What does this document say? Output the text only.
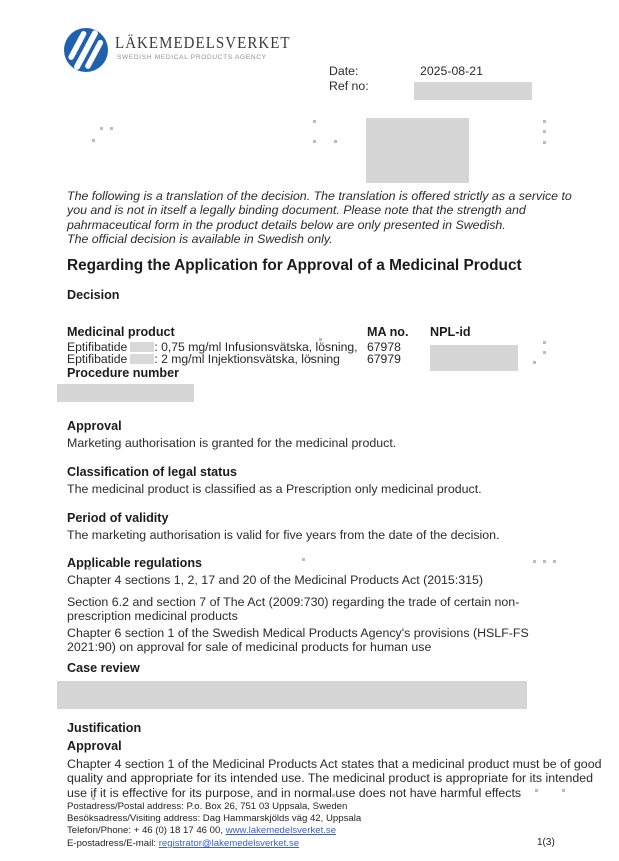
LÄKEMEDELSVERKET
SWEDISH MEDICAL PRODUCTS AGENCY
Date:	2025-08-21
Ref no:
The following is a translation of the decision. The translation is offered strictly as a service to you and is not in itself a legally binding document. Please note that the strength and pahrmaceutical form in the product details below are only presented in Swedish.
The official decision is available in Swedish only.
Regarding the Application for Approval of a Medicinal Product
Decision
Medicinal product	MA no. NPL-id
Eptifibatide : 0,75 mg/ml Infusionsvätska, lösning, 67978
Eptifibatide : 2 mg/ml Injektionsvätska, lösning 67979
Procedure number
Approval
Marketing authorisation is granted for the medicinal product.
Classification of legal status
The medicinal product is classified as a Prescription only medicinal product.
Period of validity
The marketing authorisation is valid for five years from the date of the decision.
Applicable regulations
Chapter 4 sections 1, 2, 17 and 20 of the Medicinal Products Act (2015:315)
Section 6.2 and section 7 of The Act (2009:730) regarding the trade of certain non-prescription medicinal products
Chapter 6 section 1 of the Swedish Medical Products Agency's provisions (HSLF-FS 2021:90) on approval for sale of medicinal products for human use
Case review
Justification
Approval
Chapter 4 section 1 of the Medicinal Products Act states that a medicinal product must be of good quality and appropriate for its intended use. The medicinal product is appropriate for its intended use if it is effective for its purpose, and in normal use does not have harmful effects
Postadress/Postal address: P.o. Box 26, 751 03 Uppsala, Sweden
Besöksadress/Visiting address: Dag Hammarskjölds väg 42, Uppsala
Telefon/Phone: + 46 (0) 18 17 46 00, www.lakemedelsverket.se
E-postadress/E-mail: registrator@lakemedelsverket.se	1(3)
